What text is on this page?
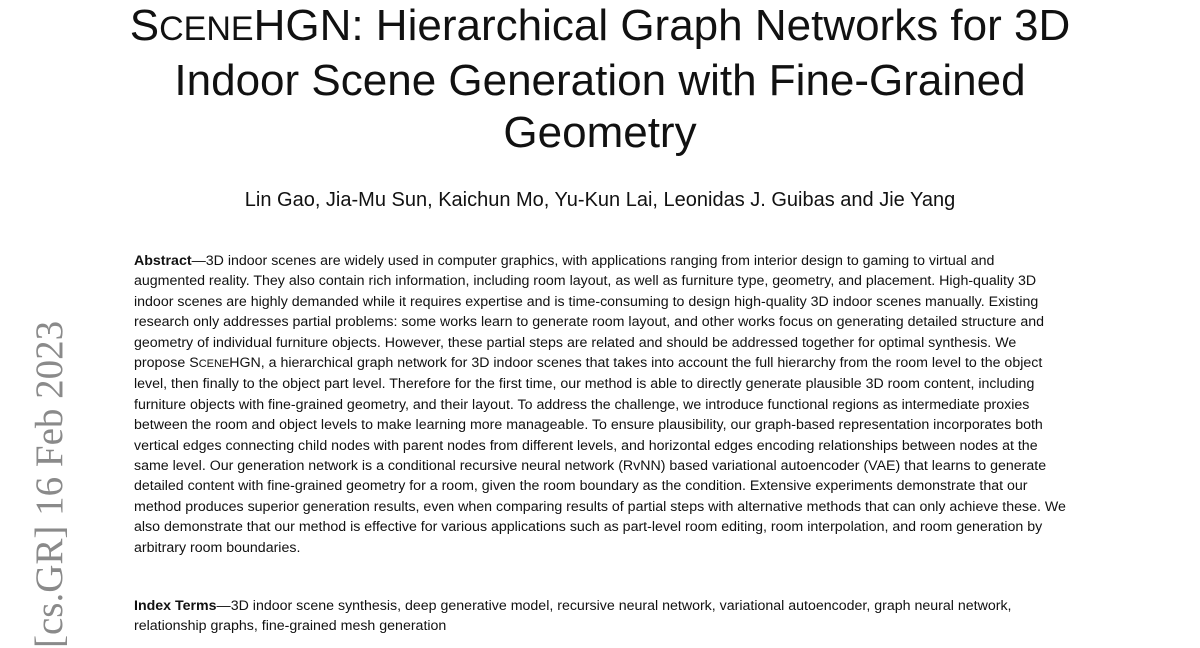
SCENEHGN: Hierarchical Graph Networks for 3D Indoor Scene Generation with Fine-Grained Geometry
Lin Gao, Jia-Mu Sun, Kaichun Mo, Yu-Kun Lai, Leonidas J. Guibas and Jie Yang

Abstract—3D indoor scenes are widely used in computer graphics, with applications ranging from interior design to gaming to virtual and augmented reality. They also contain rich information, including room layout, as well as furniture type, geometry, and placement. High-quality 3D indoor scenes are highly demanded while it requires expertise and is time-consuming to design high-quality 3D indoor scenes manually. Existing research only addresses partial problems: some works learn to generate room layout, and other works focus on generating detailed structure and geometry of individual furniture objects. However, these partial steps are related and should be addressed together for optimal synthesis. We propose SCENEHGN, a hierarchical graph network for 3D indoor scenes that takes into account the full hierarchy from the room level to the object level, then finally to the object part level. Therefore for the first time, our method is able to directly generate plausible 3D room content, including furniture objects with fine-grained geometry, and their layout. To address the challenge, we introduce functional regions as intermediate proxies between the room and object levels to make learning more manageable. To ensure plausibility, our graph-based representation incorporates both vertical edges connecting child nodes with parent nodes from different levels, and horizontal edges encoding relationships between nodes at the same level. Our generation network is a conditional recursive neural network (RvNN) based variational autoencoder (VAE) that learns to generate detailed content with fine-grained geometry for a room, given the room boundary as the condition. Extensive experiments demonstrate that our method produces superior generation results, even when comparing results of partial steps with alternative methods that can only achieve these. We also demonstrate that our method is effective for various applications such as part-level room editing, room interpolation, and room generation by arbitrary room boundaries.

Index Terms—3D indoor scene synthesis, deep generative model, recursive neural network, variational autoencoder, graph neural network, relationship graphs, fine-grained mesh generation

[cs.GR] 16 Feb 2023
